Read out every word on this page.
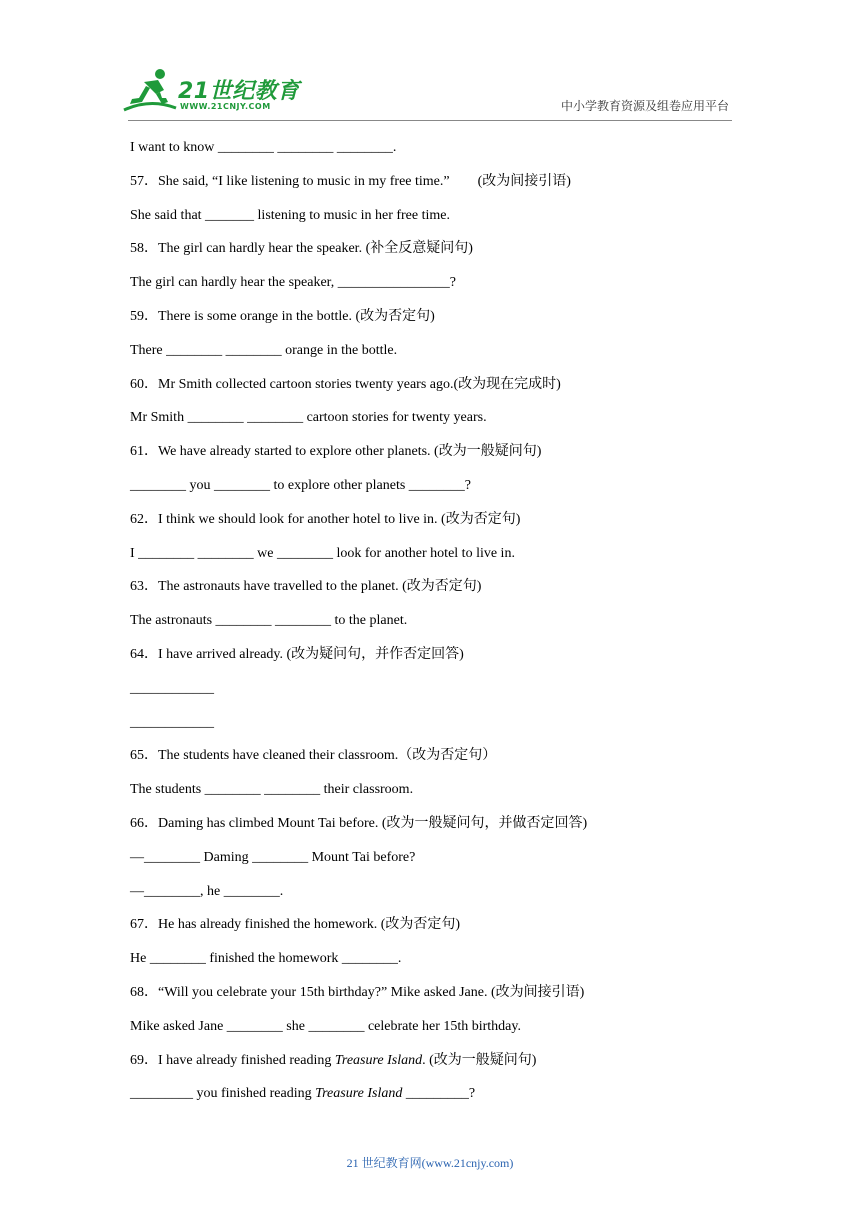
21世纪教育
WWW.21CNJY.COM	中小学教育资源及组卷应用平台
I want to know ________ ________ ________.
57．She said, “I like listening to music in my free time.”　　(改为间接引语)
She said that _______ listening to music in her free time.
58．The girl can hardly hear the speaker. (补全反意疑问句)
The girl can hardly hear the speaker, ________________?
59．There is some orange in the bottle. (改为否定句)
There ________ ________ orange in the bottle.
60．Mr Smith collected cartoon stories twenty years ago.(改为现在完成时)
Mr Smith ________ ________ cartoon stories for twenty years.
61．We have already started to explore other planets. (改为一般疑问句)
________ you ________ to explore other planets ________?
62．I think we should look for another hotel to live in. (改为否定句)
I ________ ________ we ________ look for another hotel to live in.
63．The astronauts have travelled to the planet. (改为否定句)
The astronauts ________ ________ to the planet.
64．I have arrived already. (改为疑问句，并作否定回答)
____________
____________
65．The students have cleaned their classroom.（改为否定句）
The students ________ ________ their classroom.
66．Daming has climbed Mount Tai before. (改为一般疑问句，并做否定回答)
—________ Daming ________ Mount Tai before?
—________, he ________.
67．He has already finished the homework. (改为否定句)
He ________ finished the homework ________.
68．“Will you celebrate your 15th birthday?” Mike asked Jane. (改为间接引语)
Mike asked Jane ________ she ________ celebrate her 15th birthday.
69．I have already finished reading Treasure Island. (改为一般疑问句)
_________ you finished reading Treasure Island _________?
21 世纪教育网(www.21cnjy.com)
